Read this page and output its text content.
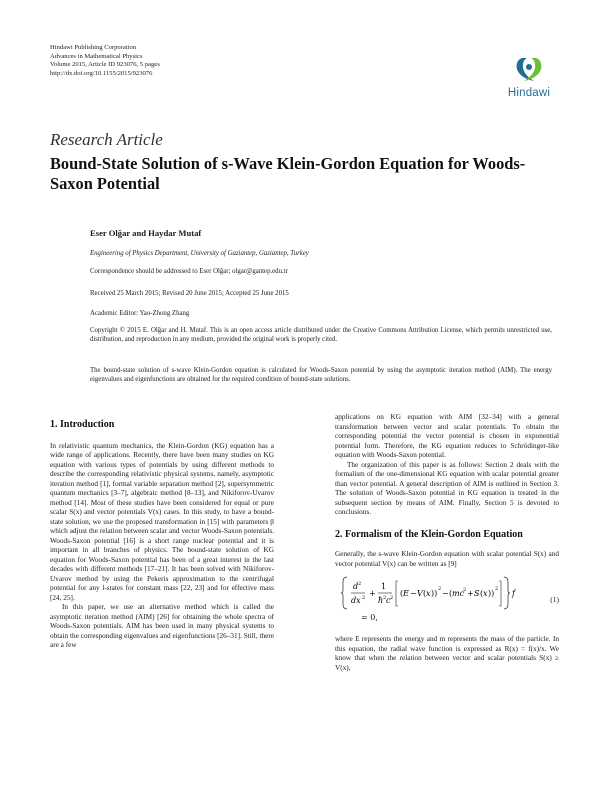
Hindawi Publishing Corporation
Advances in Mathematical Physics
Volume 2015, Article ID 923076, 5 pages
http://dx.doi.org/10.1155/2015/923076
Hindawi
Research Article
Bound-State Solution of s-Wave Klein-Gordon Equation for Woods-Saxon Potential
Eser Olğar and Haydar Mutaf
Engineering of Physics Department, University of Gaziantep, Gaziantep, Turkey
Correspondence should be addressed to Eser Olğar; olgar@gantep.edu.tr
Received 25 March 2015; Revised 20 June 2015; Accepted 25 June 2015
Academic Editor: Yao-Zhong Zhang
Copyright © 2015 E. Olğar and H. Mutaf. This is an open access article distributed under the Creative Commons Attribution License, which permits unrestricted use, distribution, and reproduction in any medium, provided the original work is properly cited.
The bound-state solution of s-wave Klein-Gordon equation is calculated for Woods-Saxon potential by using the asymptotic iteration method (AIM). The energy eigenvalues and eigenfunctions are obtained for the required condition of bound-state solutions.
1. Introduction

In relativistic quantum mechanics, the Klein-Gordon (KG) equation has a wide range of applications. Recently, there have been many studies on KG equation with various types of potentials by using different methods to describe the corresponding relativistic physical systems, namely, asymptotic iteration method [1], formal variable separation method [2], supersymmetric quantum mechanics [3–7], algebraic method [8–13], and Nikiforov-Uvarov method [14]. Most of these studies have been considered for equal or pure scalar S(x) and vector potentials V(x) cases. In this study, to have a bound-state solution, we use the proposed transformation in [15] with parameters β which adjust the relation between scalar and vector Woods-Saxon potentials. Woods-Saxon potential [16] is a short range nuclear potential and it is important in all branches of physics. The bound-state solution of KG equation for Woods-Saxon potential has been of a great interest in the last decades with different methods [17–21]. It has been solved with Nikiforov-Uvarov method by using the Pekeris approximation to the centrifugal potential for any l-states for constant mass [22, 23] and for effective mass [24, 25].

In this paper, we use an alternative method which is called the asymptotic iteration method (AIM) [26] for obtaining the whole spectra of Woods-Saxon potentials. AIM has been used in many physical systems to obtain the corresponding eigenvalues and eigenfunctions [26–31]. Still, there are a few

applications on KG equation with AIM [32–34] with a general transformation between vector and scalar potentials. To obtain the corresponding potential the vector potential is chosen in exponential potential form. Therefore, the KG equation reduces to Schrödinger-like equation with Woods-Saxon potential.

The organization of this paper is as follows: Section 2 deals with the formalism of the one-dimensional KG equation with scalar potential greater than vector potential. A general description of AIM is outlined in Section 3. The solution of Woods-Saxon potential in KG equation is treated in the subsequent section by means of AIM. Finally, Section 5 is devoted to conclusions.

2. Formalism of the Klein-Gordon Equation

Generally, the s-wave Klein-Gordon equation with scalar potential S(x) and vector potential V(x) can be written as [9]

d 2
dx 2 +
1
ħ 2 c 2 ( E − V ( x )) 2 − ( mc
2 + S ( x )) 2 f
= 0,
(1)

where E represents the energy and m represents the mass of the particle. In this equation, the radial wave function is expressed as R(x) = f(x)/x. We know that when the relation between vector and scalar potentials S(x) ≥ V(x),
